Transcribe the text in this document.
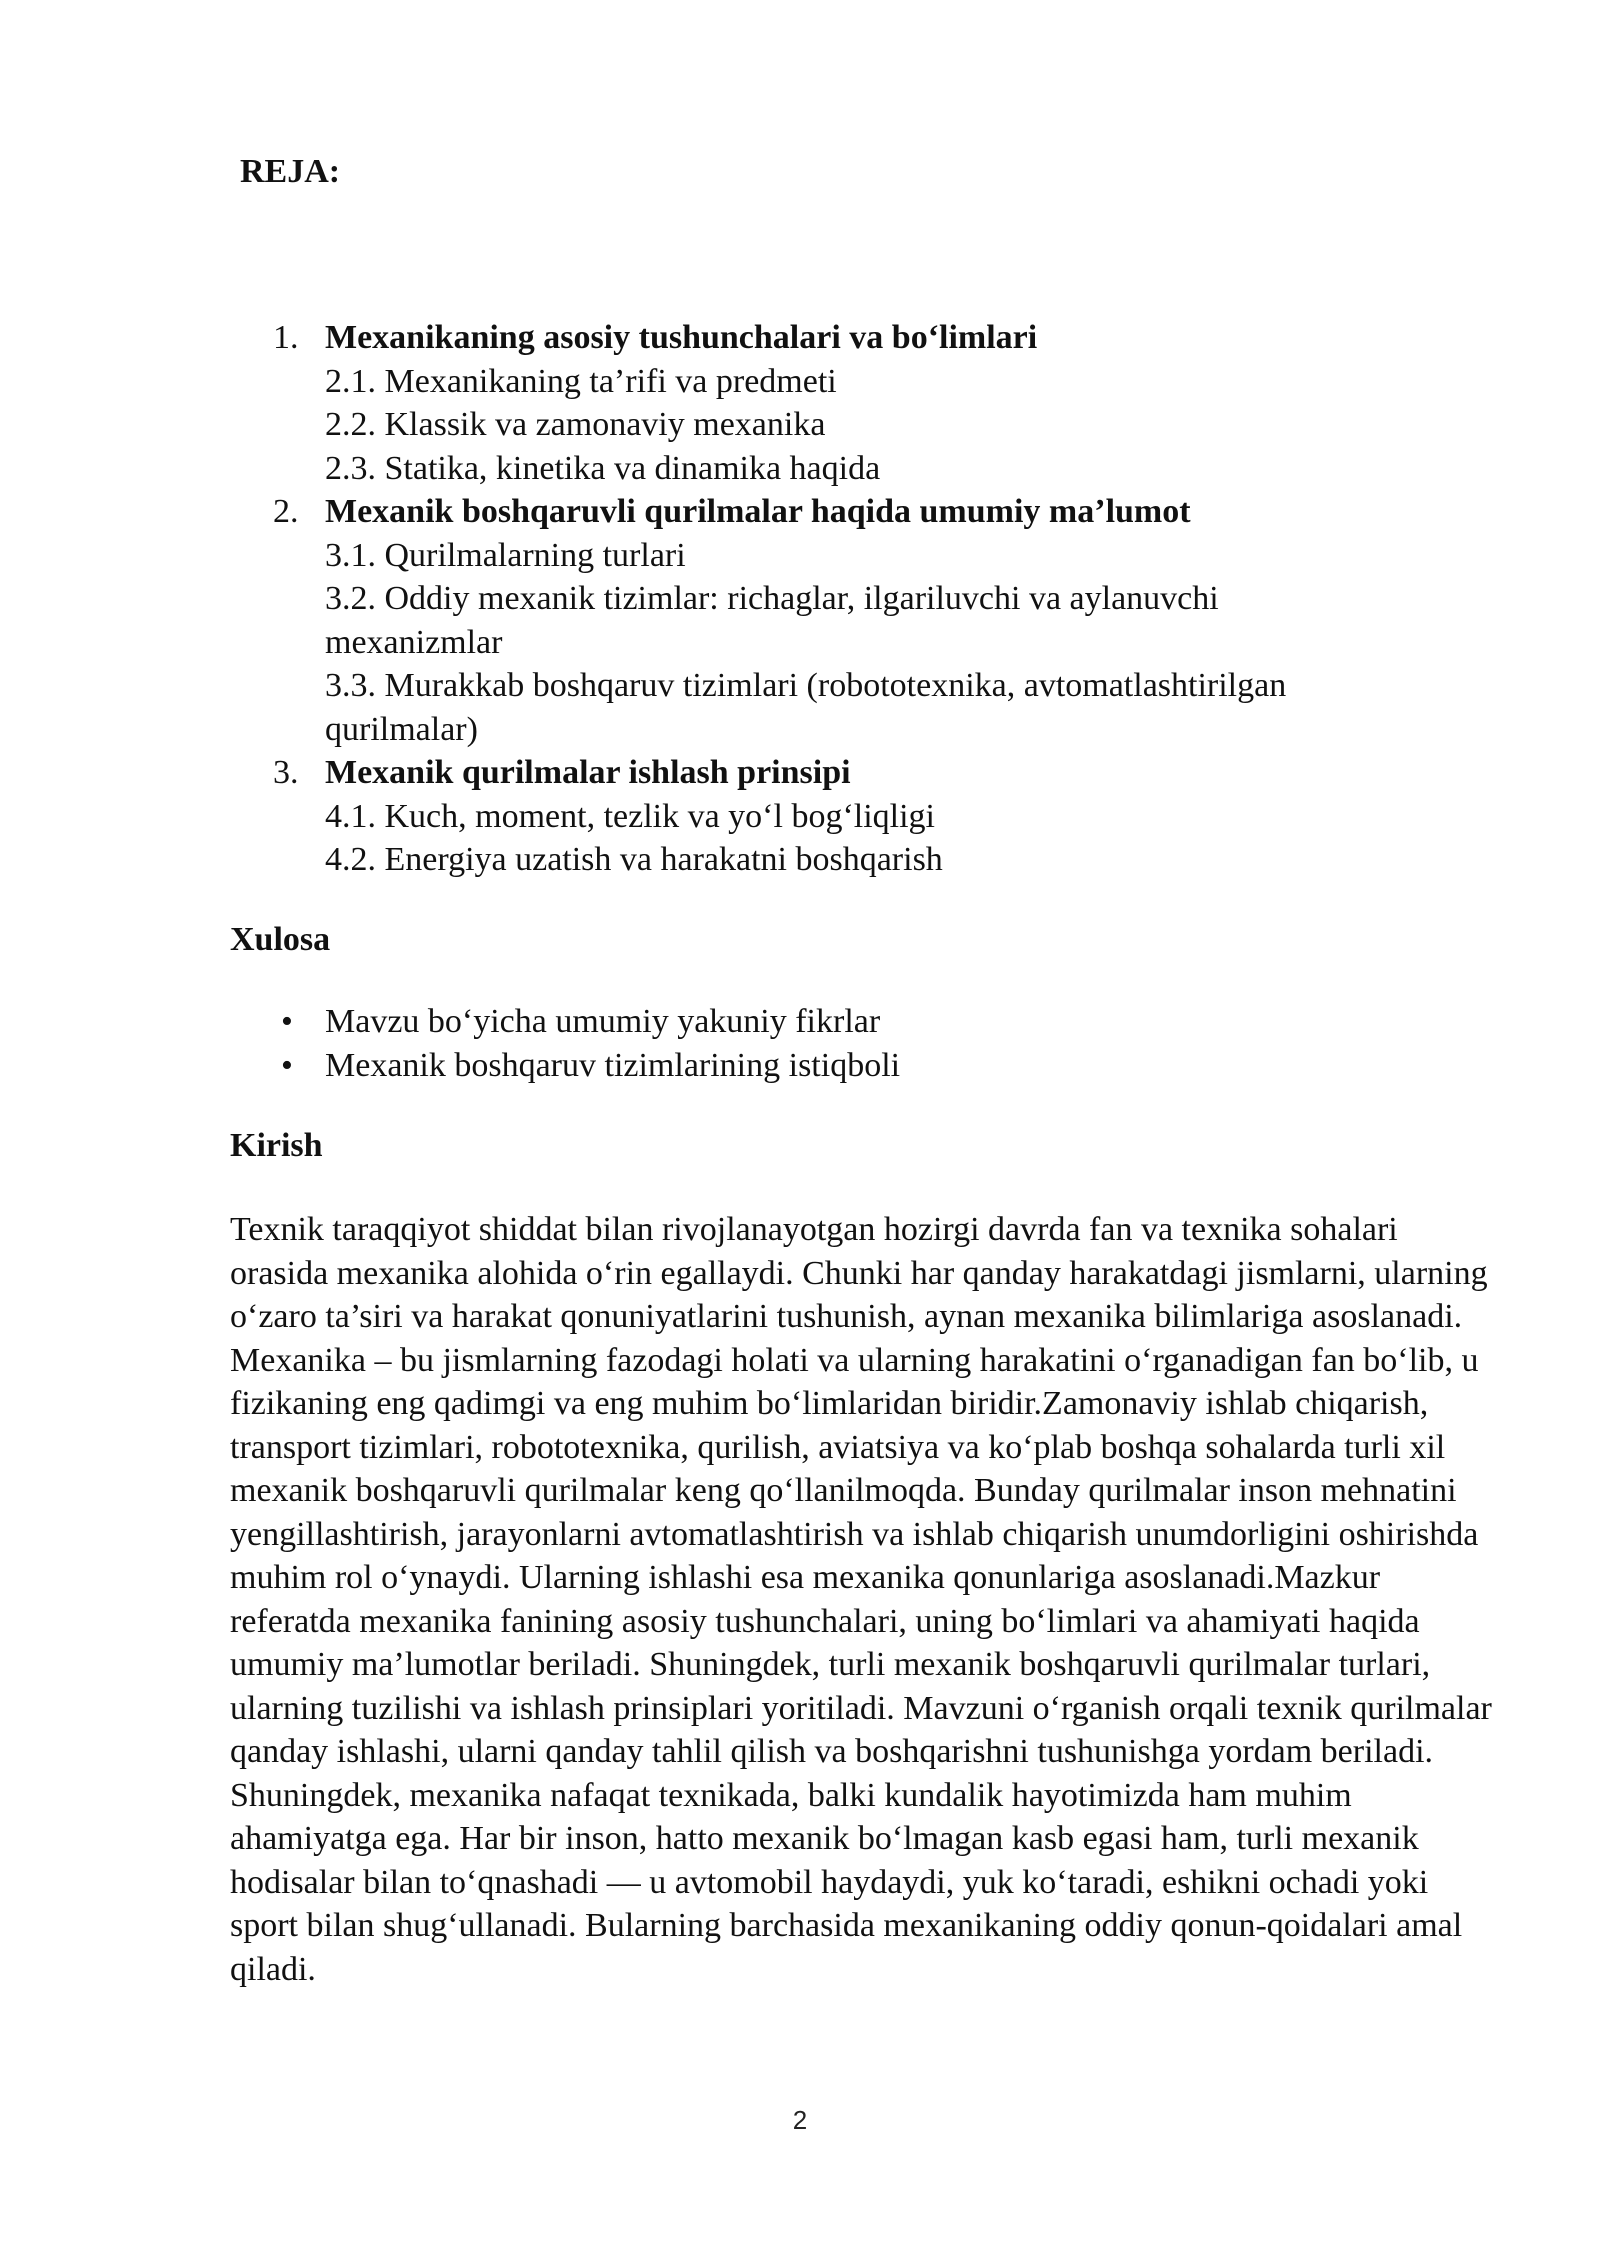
REJA:
1. Mexanikaning asosiy tushunchalari va bo‘limlari
2.1. Mexanikaning ta’rifi va predmeti
2.2. Klassik va zamonaviy mexanika
2.3. Statika, kinetika va dinamika haqida
2. Mexanik boshqaruvli qurilmalar haqida umumiy ma’lumot
3.1. Qurilmalarning turlari
3.2. Oddiy mexanik tizimlar: richaglar, ilgariluvchi va aylanuvchi mexanizmlar
3.3. Murakkab boshqaruv tizimlari (robototexnika, avtomatlashtirilgan qurilmalar)
3. Mexanik qurilmalar ishlash prinsipi
4.1. Kuch, moment, tezlik va yo‘l bog‘liqligi
4.2. Energiya uzatish va harakatni boshqarish
Xulosa
• Mavzu bo‘yicha umumiy yakuniy fikrlar
• Mexanik boshqaruv tizimlarining istiqboli
Kirish

Texnik taraqqiyot shiddat bilan rivojlanayotgan hozirgi davrda fan va texnika sohalari orasida mexanika alohida o‘rin egallaydi. Chunki har qanday harakatdagi jismlarni, ularning o‘zaro ta’siri va harakat qonuniyatlarini tushunish, aynan mexanika bilimlariga asoslanadi. Mexanika – bu jismlarning fazodagi holati va ularning harakatini o‘rganadigan fan bo‘lib, u fizikaning eng qadimgi va eng muhim bo‘limlaridan biridir.Zamonaviy ishlab chiqarish, transport tizimlari, robototexnika, qurilish, aviatsiya va ko‘plab boshqa sohalarda turli xil mexanik boshqaruvli qurilmalar keng qo‘llanilmoqda. Bunday qurilmalar inson mehnatini yengillashtirish, jarayonlarni avtomatlashtirish va ishlab chiqarish unumdorligini oshirishda muhim rol o‘ynaydi. Ularning ishlashi esa mexanika qonunlariga asoslanadi.Mazkur referatda mexanika fanining asosiy tushunchalari, uning bo‘limlari va ahamiyati haqida umumiy ma’lumotlar beriladi. Shuningdek, turli mexanik boshqaruvli qurilmalar turlari, ularning tuzilishi va ishlash prinsiplari yoritiladi. Mavzuni o‘rganish orqali texnik qurilmalar qanday ishlashi, ularni qanday tahlil qilish va boshqarishni tushunishga yordam beriladi. Shuningdek, mexanika nafaqat texnikada, balki kundalik hayotimizda ham muhim ahamiyatga ega. Har bir inson, hatto mexanik bo‘lmagan kasb egasi ham, turli mexanik hodisalar bilan to‘qnashadi — u avtomobil haydaydi, yuk ko‘taradi, eshikni ochadi yoki sport bilan shug‘ullanadi. Bularning barchasida mexanikaning oddiy qonun-qoidalari amal qiladi.

2
